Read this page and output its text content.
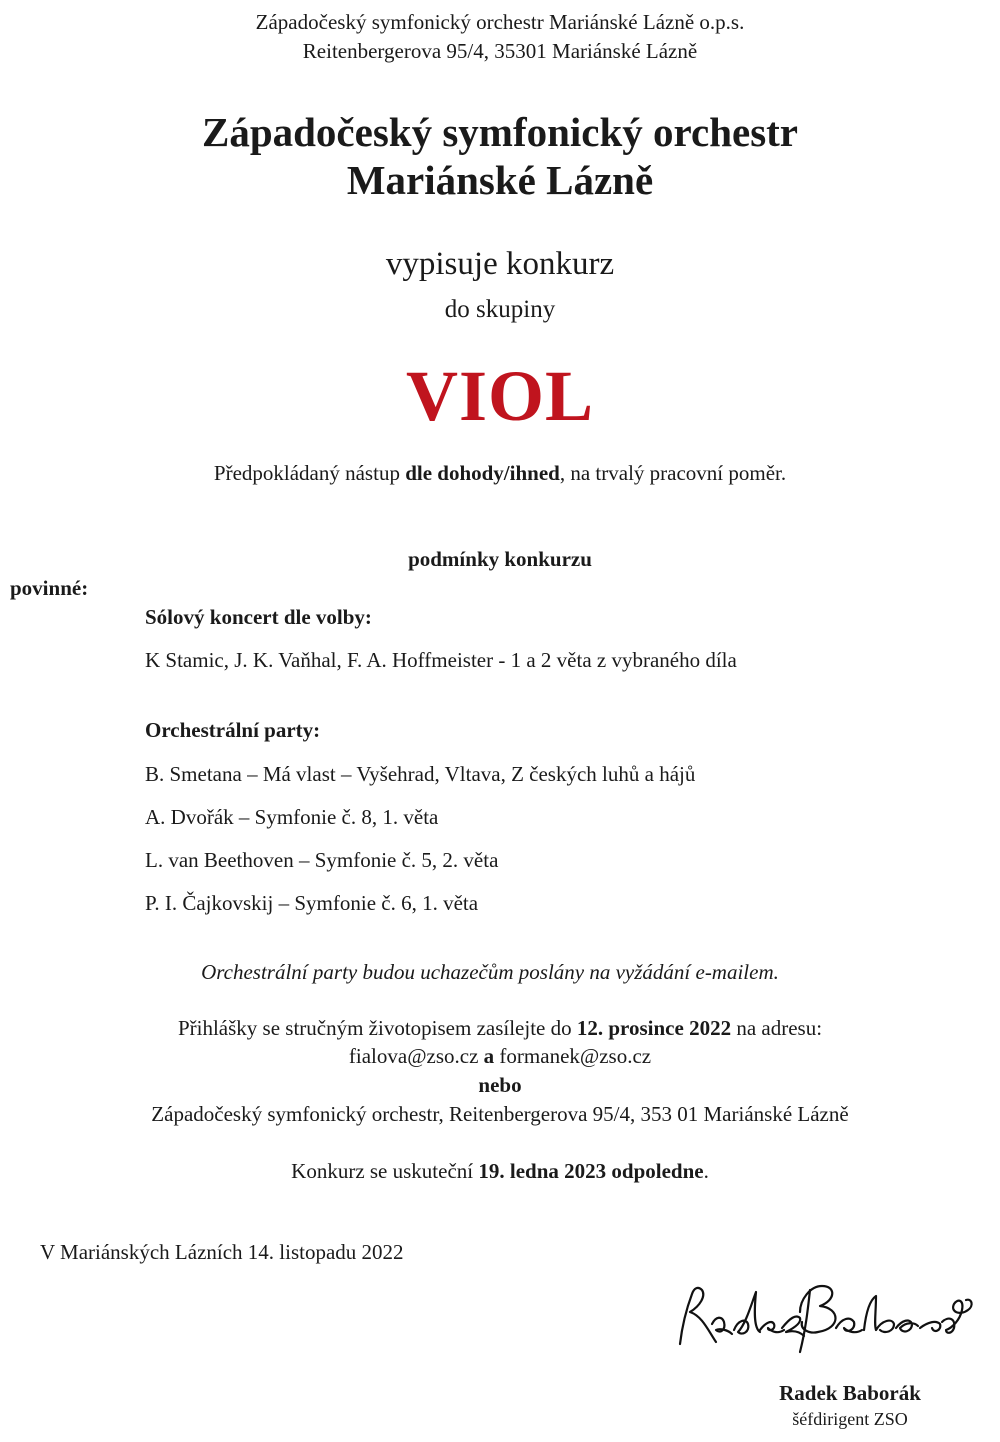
Západočeský symfonický orchestr Mariánské Lázně o.p.s.
Reitenbergerova 95/4, 35301 Mariánské Lázně
Západočeský symfonický orchestr
Mariánské Lázně
vypisuje konkurz
do skupiny
VIOL
Předpokládaný nástup dle dohody/ihned, na trvalý pracovní poměr.
podmínky konkurzu
povinné:
Sólový koncert dle volby:
K Stamic, J. K. Vaňhal, F. A. Hoffmeister - 1 a 2 věta z vybraného díla
Orchestrální party:
B. Smetana – Má vlast – Vyšehrad, Vltava, Z českých luhů a hájů
A. Dvořák – Symfonie č. 8, 1. věta
L. van Beethoven – Symfonie č. 5, 2. věta
P. I. Čajkovskij – Symfonie č. 6, 1. věta
Orchestrální party budou uchazečům poslány na vyžádání e-mailem.
Přihlášky se stručným životopisem zasílejte do 12. prosince 2022 na adresu:
fialova@zso.cz a formanek@zso.cz
nebo
Západočeský symfonický orchestr, Reitenbergerova 95/4, 353 01 Mariánské Lázně
Konkurz se uskuteční 19. ledna 2023 odpoledne.
V Mariánských Lázních 14. listopadu 2022
Radek Baborák
šéfdirigent ZSO
